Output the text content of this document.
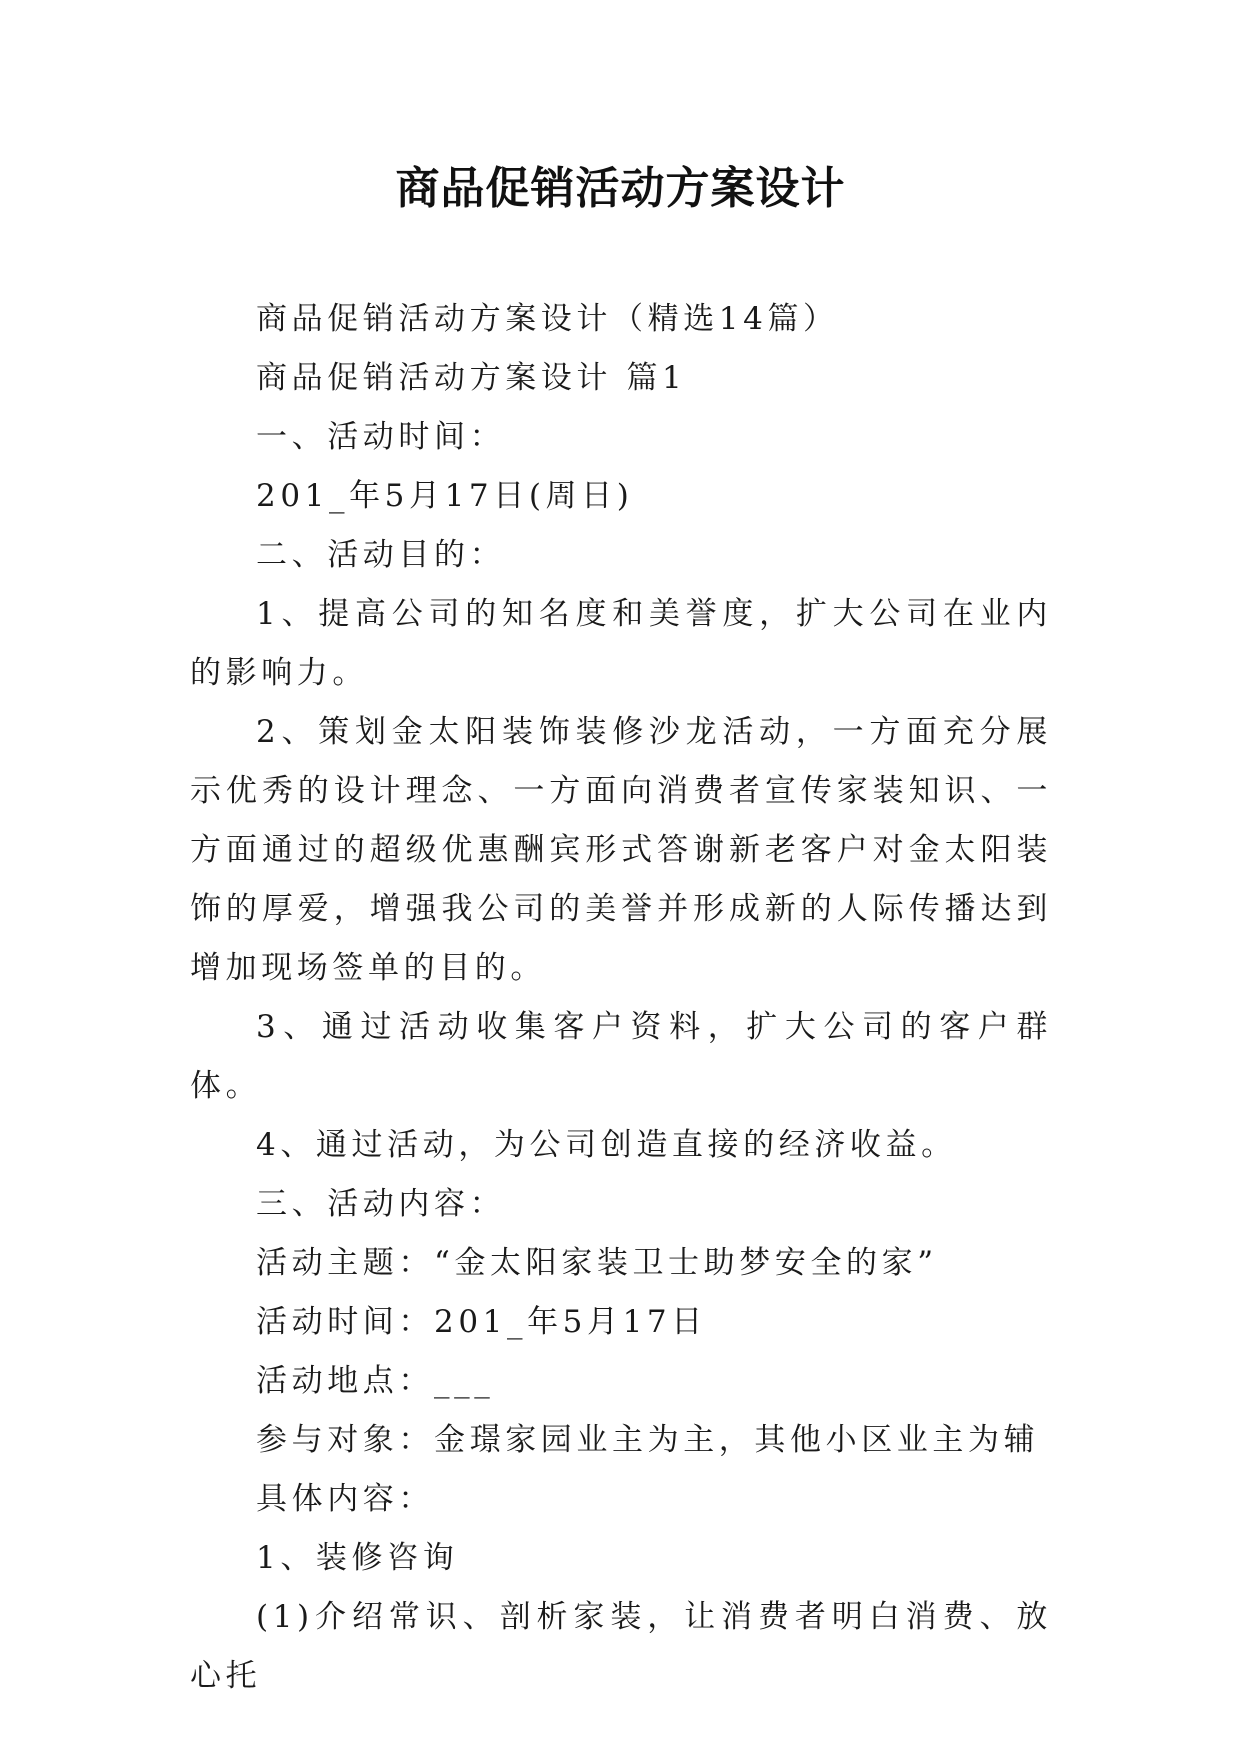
商品促销活动方案设计

商品促销活动方案设计（精选14篇）

商品促销活动方案设计 篇1

一、活动时间：

201_年5月17日(周日)

二、活动目的：

1、提高公司的知名度和美誉度，扩大公司在业内的影响力。

2、策划金太阳装饰装修沙龙活动，一方面充分展示优秀的设计理念、一方面向消费者宣传家装知识、一方面通过的超级优惠酬宾形式答谢新老客户对金太阳装饰的厚爱，增强我公司的美誉并形成新的人际传播达到增加现场签单的目的。

3、通过活动收集客户资料，扩大公司的客户群体。

4、通过活动，为公司创造直接的经济收益。

三、活动内容：

活动主题：“金太阳家装卫士助梦安全的家”

活动时间：201_年5月17日

活动地点：___

参与对象：金璟家园业主为主，其他小区业主为辅

具体内容：

1、装修咨询

(1)介绍常识、剖析家装，让消费者明白消费、放心托
